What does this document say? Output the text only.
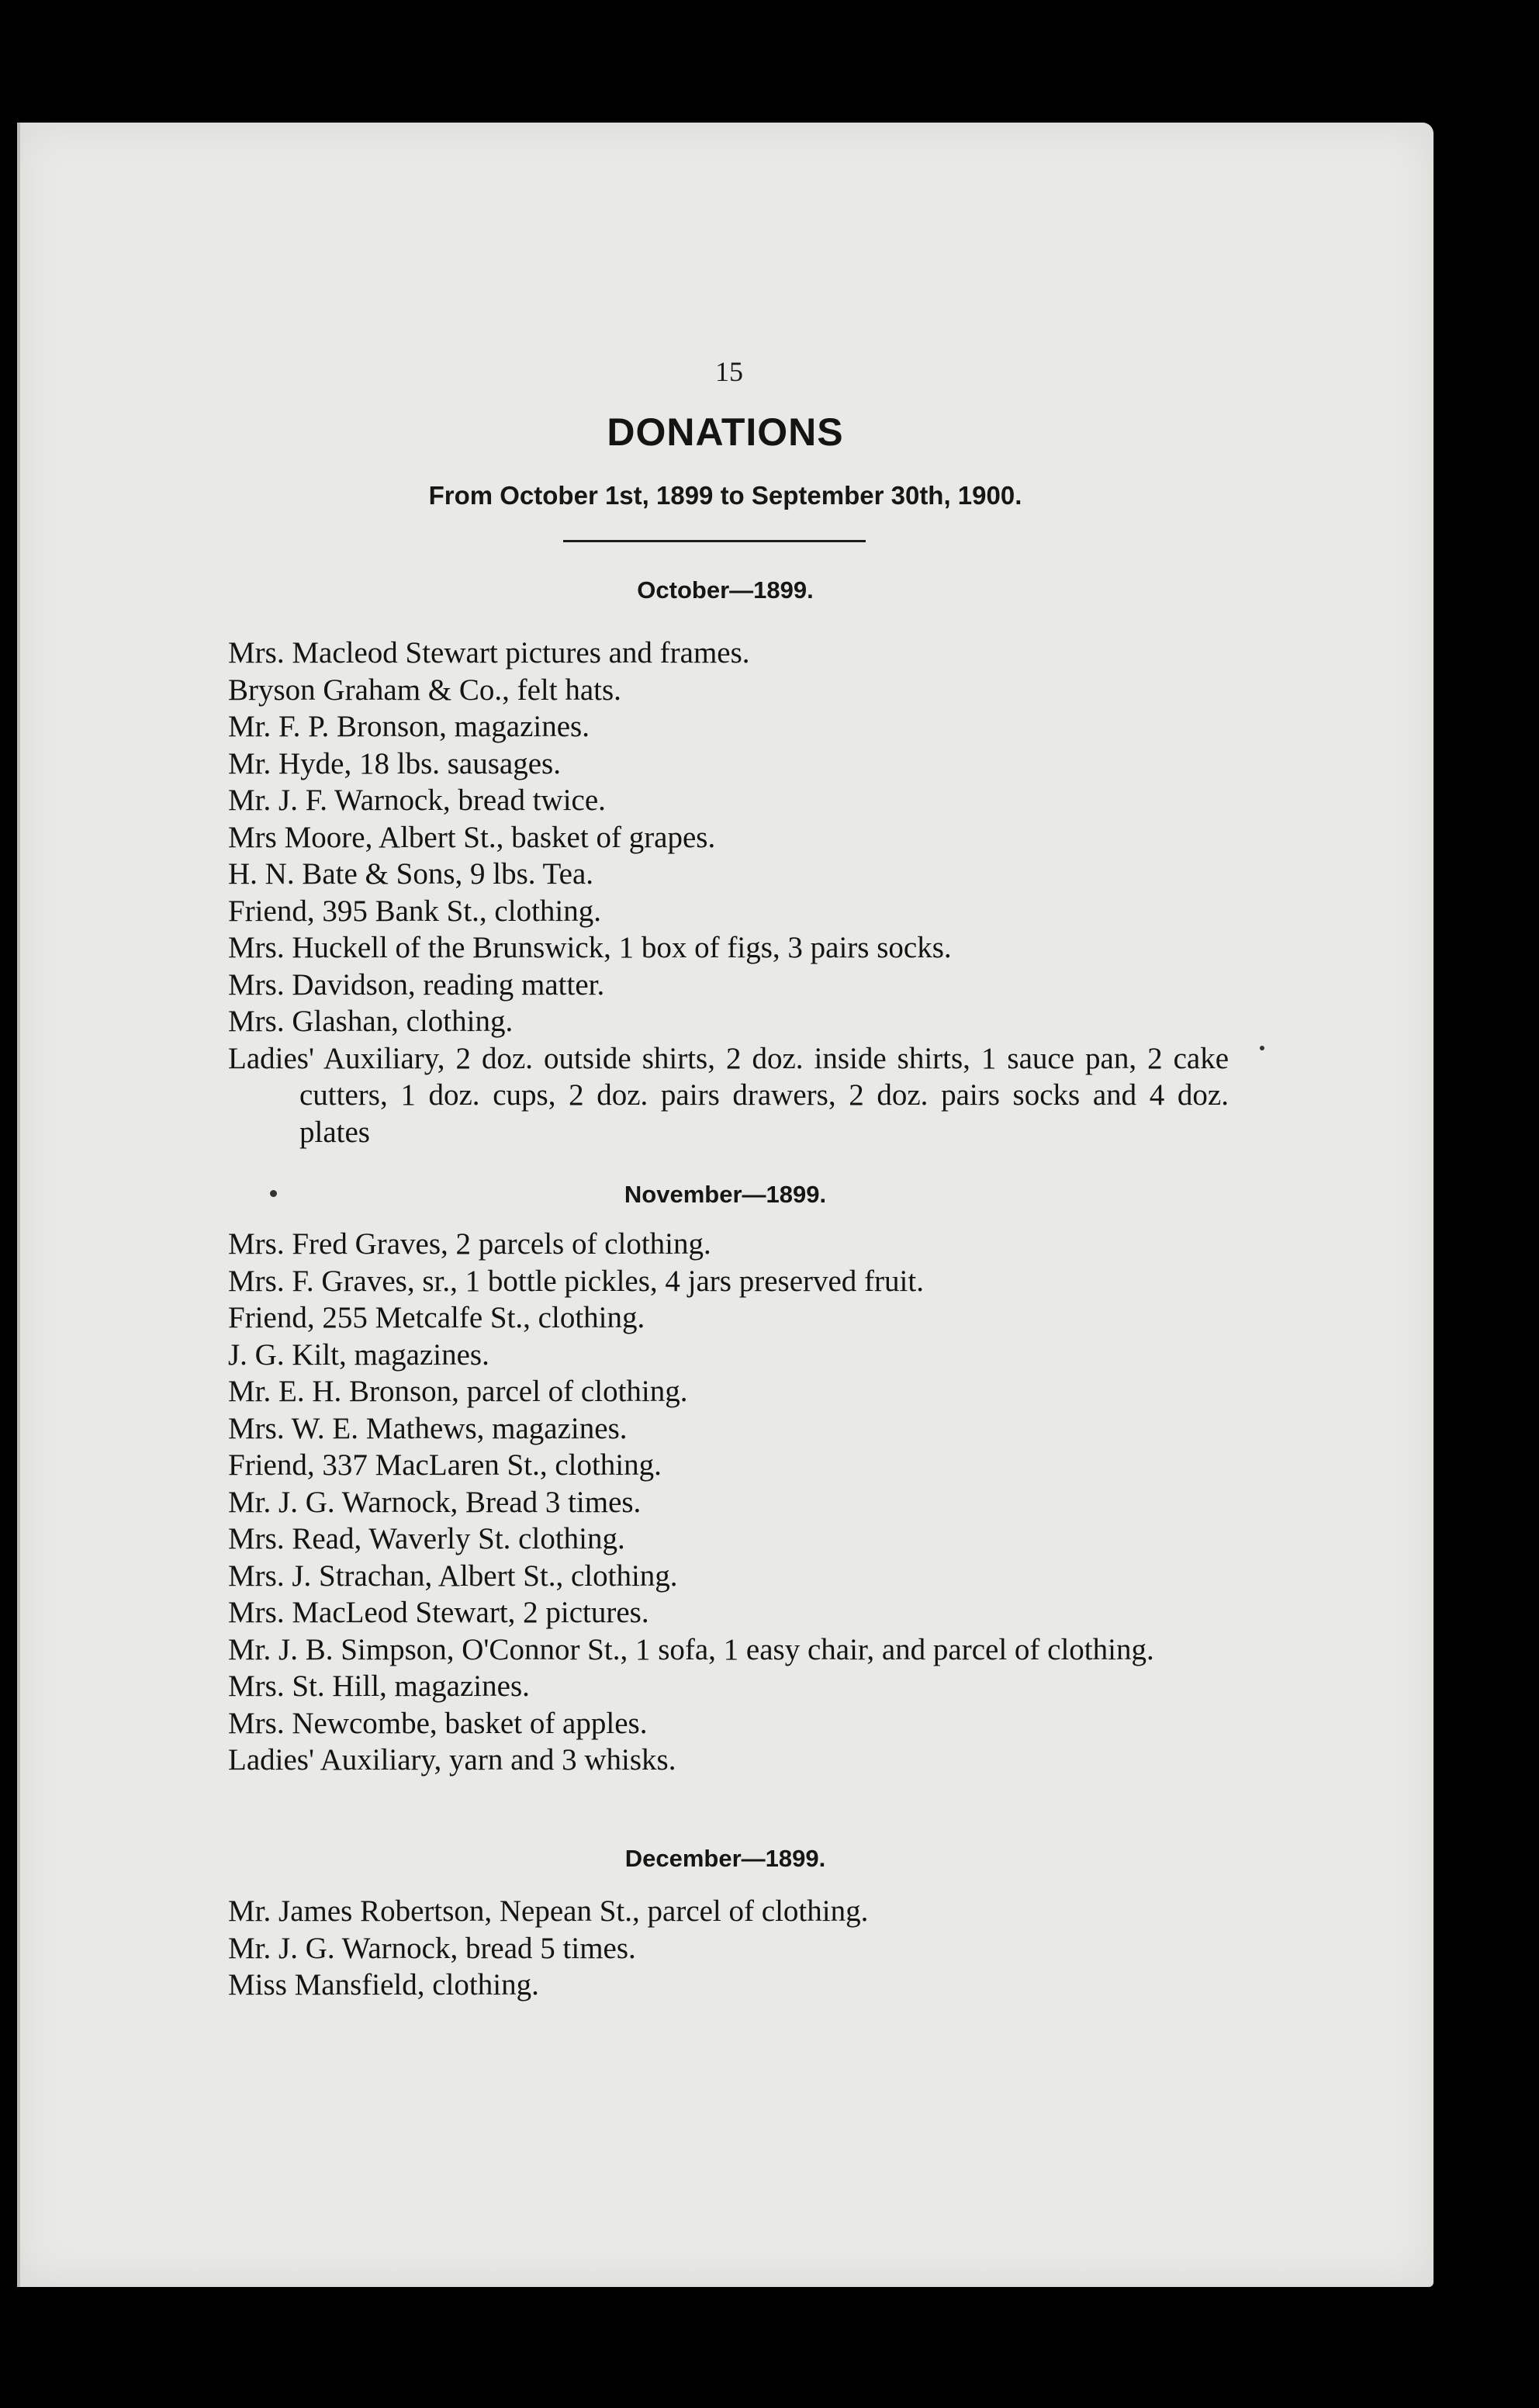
15
DONATIONS
From October 1st, 1899 to September 30th, 1900.
October—1899.
Mrs. Macleod Stewart pictures and frames.
Bryson Graham & Co., felt hats.
Mr. F. P. Bronson, magazines.
Mr. Hyde, 18 lbs. sausages.
Mr. J. F. Warnock, bread twice.
Mrs Moore, Albert St., basket of grapes.
H. N. Bate & Sons, 9 lbs. Tea.
Friend, 395 Bank St., clothing.
Mrs. Huckell of the Brunswick, 1 box of figs, 3 pairs socks.
Mrs. Davidson, reading matter.
Mrs. Glashan, clothing.
Ladies' Auxiliary, 2 doz. outside shirts, 2 doz. inside shirts, 1 sauce pan, 2 cake cutters, 1 doz. cups, 2 doz. pairs drawers, 2 doz. pairs socks and 4 doz. plates
November—1899.
Mrs. Fred Graves, 2 parcels of clothing.
Mrs. F. Graves, sr., 1 bottle pickles, 4 jars preserved fruit.
Friend, 255 Metcalfe St., clothing.
J. G. Kilt, magazines.
Mr. E. H. Bronson, parcel of clothing.
Mrs. W. E. Mathews, magazines.
Friend, 337 MacLaren St., clothing.
Mr. J. G. Warnock, Bread 3 times.
Mrs. Read, Waverly St. clothing.
Mrs. J. Strachan, Albert St., clothing.
Mrs. MacLeod Stewart, 2 pictures.
Mr. J. B. Simpson, O'Connor St., 1 sofa, 1 easy chair, and parcel of clothing.
Mrs. St. Hill, magazines.
Mrs. Newcombe, basket of apples.
Ladies' Auxiliary, yarn and 3 whisks.
December—1899.
Mr. James Robertson, Nepean St., parcel of clothing.
Mr. J. G. Warnock, bread 5 times.
Miss Mansfield, clothing.
